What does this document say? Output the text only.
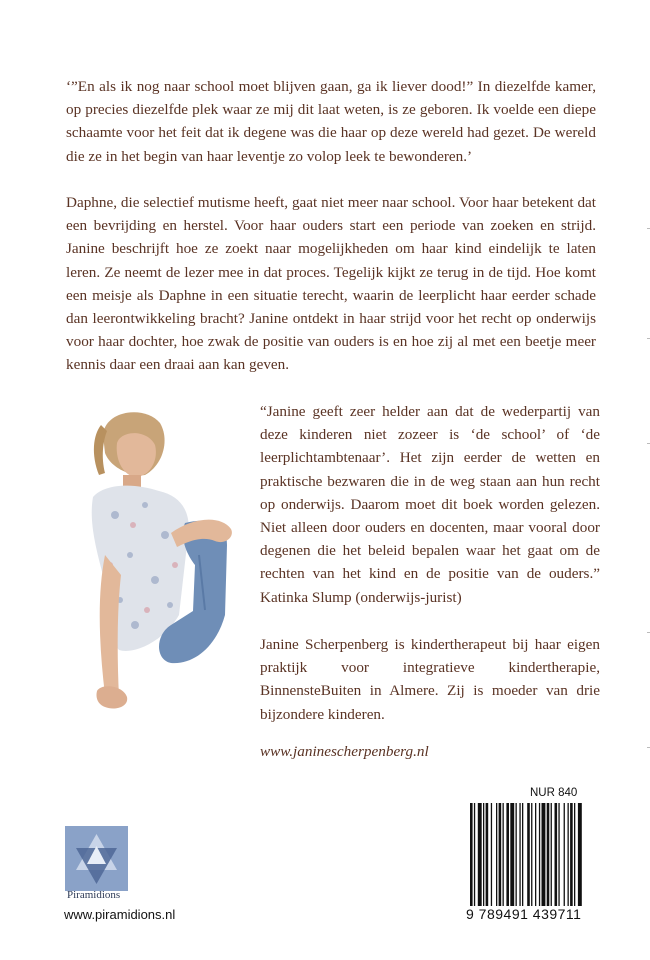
‘”En als ik nog naar school moet blijven gaan, ga ik liever dood!” In diezelfde kamer, op precies diezelfde plek waar ze mij dit laat weten, is ze geboren. Ik voelde een diepe schaamte voor het feit dat ik degene was die haar op deze wereld had gezet. De wereld die ze in het begin van haar leventje zo volop leek te bewonderen.’

Daphne, die selectief mutisme heeft, gaat niet meer naar school. Voor haar betekent dat een bevrijding en herstel. Voor haar ouders start een periode van zoeken en strijd. Janine beschrijft hoe ze zoekt naar mogelijkheden om haar kind eindelijk te laten leren. Ze neemt de lezer mee in dat proces. Tegelijk kijkt ze terug in de tijd. Hoe komt een meisje als Daphne in een situatie terecht, waarin de leerplicht haar eerder schade dan leerontwikkeling bracht? Janine ontdekt in haar strijd voor het recht op onderwijs voor haar dochter, hoe zwak de positie van ouders is en hoe zij al met een beetje meer kennis daar een draai aan kan geven.

“Janine geeft zeer helder aan dat de wederpartij van deze kinderen niet zozeer is ‘de school’ of ‘de leerplichtambtenaar’. Het zijn eerder de wetten en praktische bezwaren die in de weg staan aan hun recht op onderwijs. Daarom moet dit boek worden gelezen. Niet alleen door ouders en docenten, maar vooral door degenen die het beleid bepalen waar het gaat om de rechten van het kind en de positie van de ouders.” Katinka Slump (onderwijs-jurist)

Janine Scherpenberg is kindertherapeut bij haar eigen praktijk voor integratieve kindertherapie, BinnensteBuiten in Almere. Zij is moeder van drie bijzondere kinderen.

www.janinescherpenberg.nl
NUR 840
9 789491 439711
Piramidions
www.piramidions.nl
